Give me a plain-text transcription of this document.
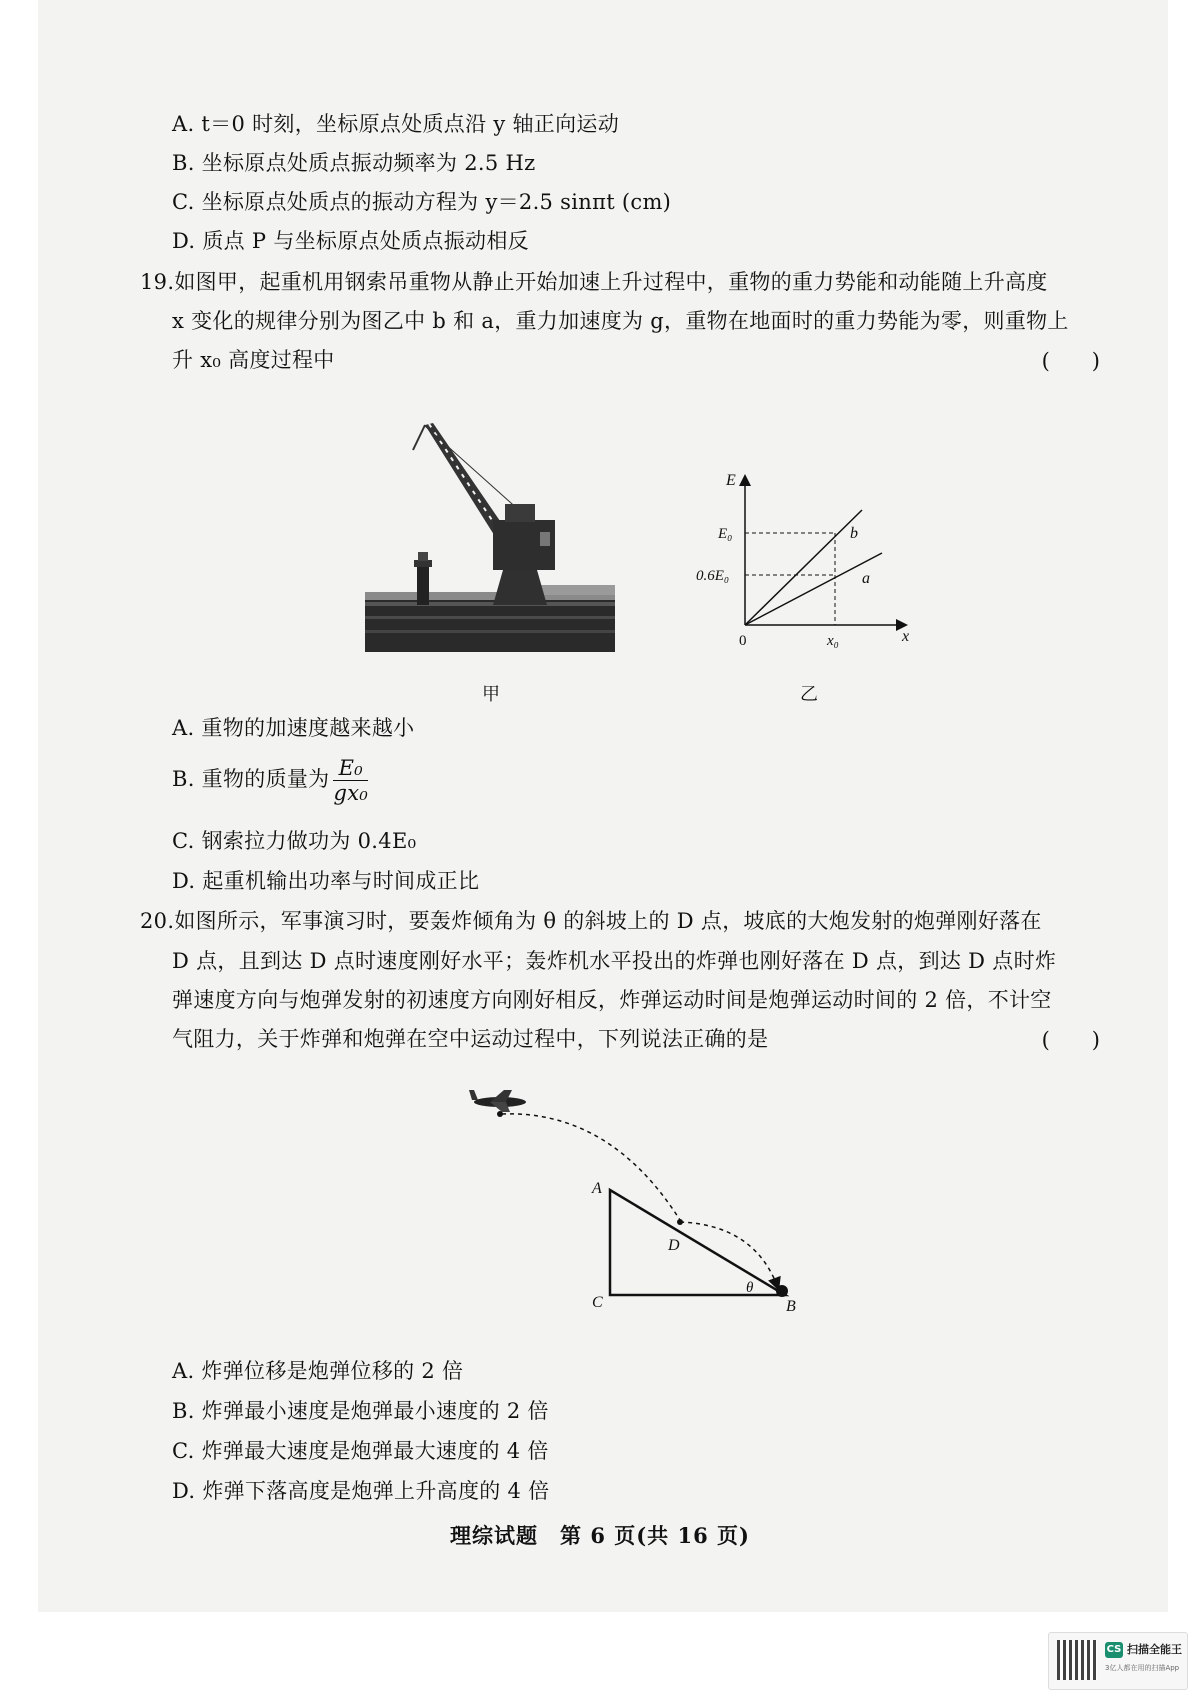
A. t＝0 时刻，坐标原点处质点沿 y 轴正向运动
B. 坐标原点处质点振动频率为 2.5 Hz
C. 坐标原点处质点的振动方程为 y＝2.5 sinπt (cm)
D. 质点 P 与坐标原点处质点振动相反
19.如图甲，起重机用钢索吊重物从静止开始加速上升过程中，重物的重力势能和动能随上升高度
x 变化的规律分别为图乙中 b 和 a，重力加速度为 g，重物在地面时的重力势能为零，则重物上
升 x₀ 高度过程中	(　　)
甲
E
x
0
E₀
0.6E₀
x₀
b
a
乙
A. 重物的加速度越来越小
B. 重物的质量为 $\frac{\text{E₀}}{\text{gx₀}}$
C. 钢索拉力做功为 0.4E₀
D. 起重机输出功率与时间成正比
20.如图所示，军事演习时，要轰炸倾角为 θ 的斜坡上的 D 点，坡底的大炮发射的炮弹刚好落在
D 点，且到达 D 点时速度刚好水平；轰炸机水平投出的炸弹也刚好落在 D 点，到达 D 点时炸
弹速度方向与炮弹发射的初速度方向刚好相反，炸弹运动时间是炮弹运动时间的 2 倍，不计空
气阻力，关于炸弹和炮弹在空中运动过程中，下列说法正确的是	(　　)
A
C	B
D
θ
A. 炸弹位移是炮弹位移的 2 倍
B. 炸弹最小速度是炮弹最小速度的 2 倍
C. 炸弹最大速度是炮弹最大速度的 4 倍
D. 炸弹下落高度是炮弹上升高度的 4 倍
理综试题　第 6 页(共 16 页)
CS 扫描全能王
3亿人都在用的扫描App
